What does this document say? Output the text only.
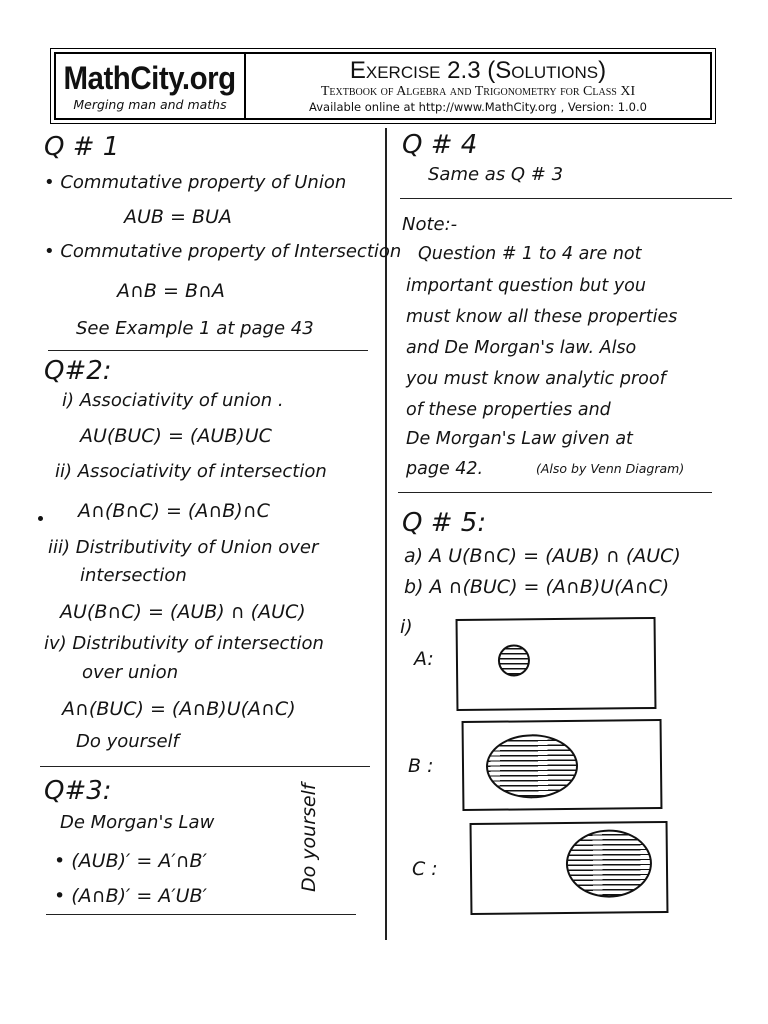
MathCity.org
Merging man and maths
Exercise 2.3 (Solutions)
Textbook of Algebra and Trigonometry for Class XI
Available online at http://www.MathCity.org , Version: 1.0.0
Q # 1
• Commutative property of Union
AUB = BUA
• Commutative property of Intersection
A∩B = B∩A
See Example 1 at page 43
Q#2:
i) Associativity of union .
AU(BUC) = (AUB)UC
ii) Associativity of intersection
A∩(B∩C) = (A∩B)∩C
iii) Distributivity of Union over
intersection
AU(B∩C) = (AUB) ∩ (AUC)
iv) Distributivity of intersection
over union
A∩(BUC) = (A∩B)U(A∩C)
Do yourself
Q#3:
De Morgan's Law
• (AUB)′ = A′∩B′
• (A∩B)′ = A′UB′
Do yourself
Q # 4
Same as Q # 3
Note:-
Question # 1 to 4 are not
important question but you
must know all these properties
and De Morgan's law. Also
you must know analytic proof
of these properties and
De Morgan's Law given at
page 42.	(Also by Venn Diagram)
Q # 5:
a) A U(B∩C) = (AUB) ∩ (AUC)
b) A ∩(BUC) = (A∩B)U(A∩C)
i)
A:
B :
C :
